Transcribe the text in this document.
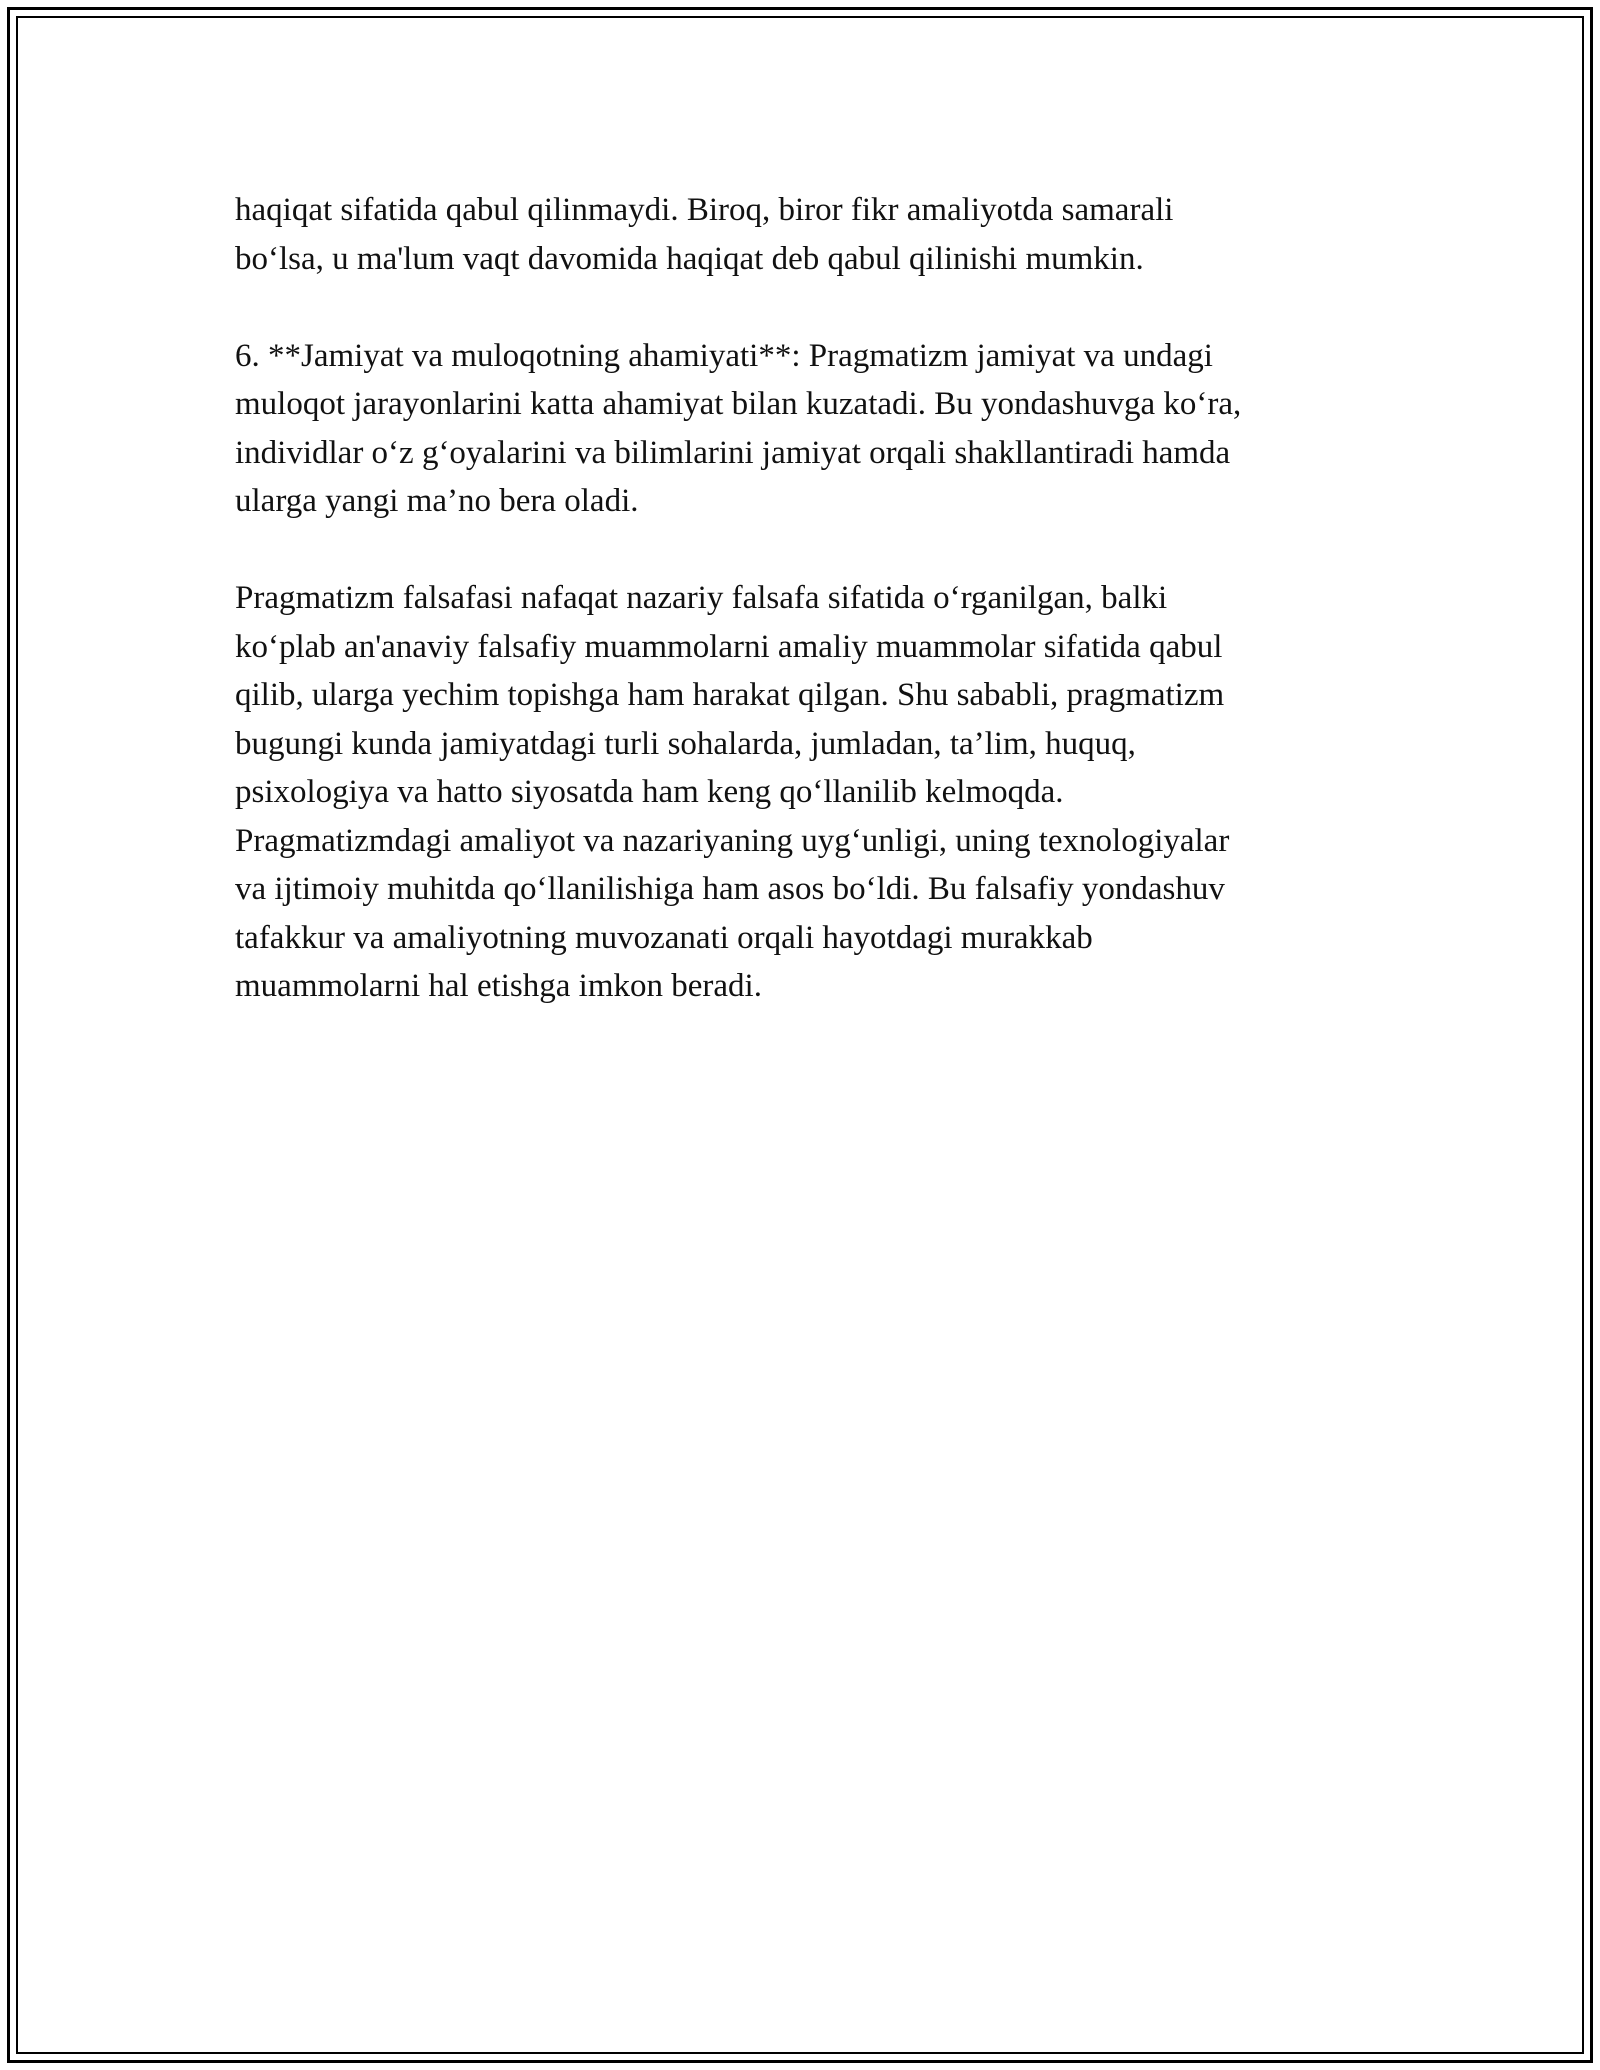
haqiqat sifatida qabul qilinmaydi. Biroq, biror fikr amaliyotda samarali
bo‘lsa, u ma'lum vaqt davomida haqiqat deb qabul qilinishi mumkin.

6. **Jamiyat va muloqotning ahamiyati**: Pragmatizm jamiyat va undagi
muloqot jarayonlarini katta ahamiyat bilan kuzatadi. Bu yondashuvga ko‘ra,
individlar o‘z g‘oyalarini va bilimlarini jamiyat orqali shakllantiradi hamda
ularga yangi ma’no bera oladi.

Pragmatizm falsafasi nafaqat nazariy falsafa sifatida o‘rganilgan, balki
ko‘plab an'anaviy falsafiy muammolarni amaliy muammolar sifatida qabul
qilib, ularga yechim topishga ham harakat qilgan. Shu sababli, pragmatizm
bugungi kunda jamiyatdagi turli sohalarda, jumladan, ta’lim, huquq,
psixologiya va hatto siyosatda ham keng qo‘llanilib kelmoqda.
Pragmatizmdagi amaliyot va nazariyaning uyg‘unligi, uning texnologiyalar
va ijtimoiy muhitda qo‘llanilishiga ham asos bo‘ldi. Bu falsafiy yondashuv
tafakkur va amaliyotning muvozanati orqali hayotdagi murakkab
muammolarni hal etishga imkon beradi.
